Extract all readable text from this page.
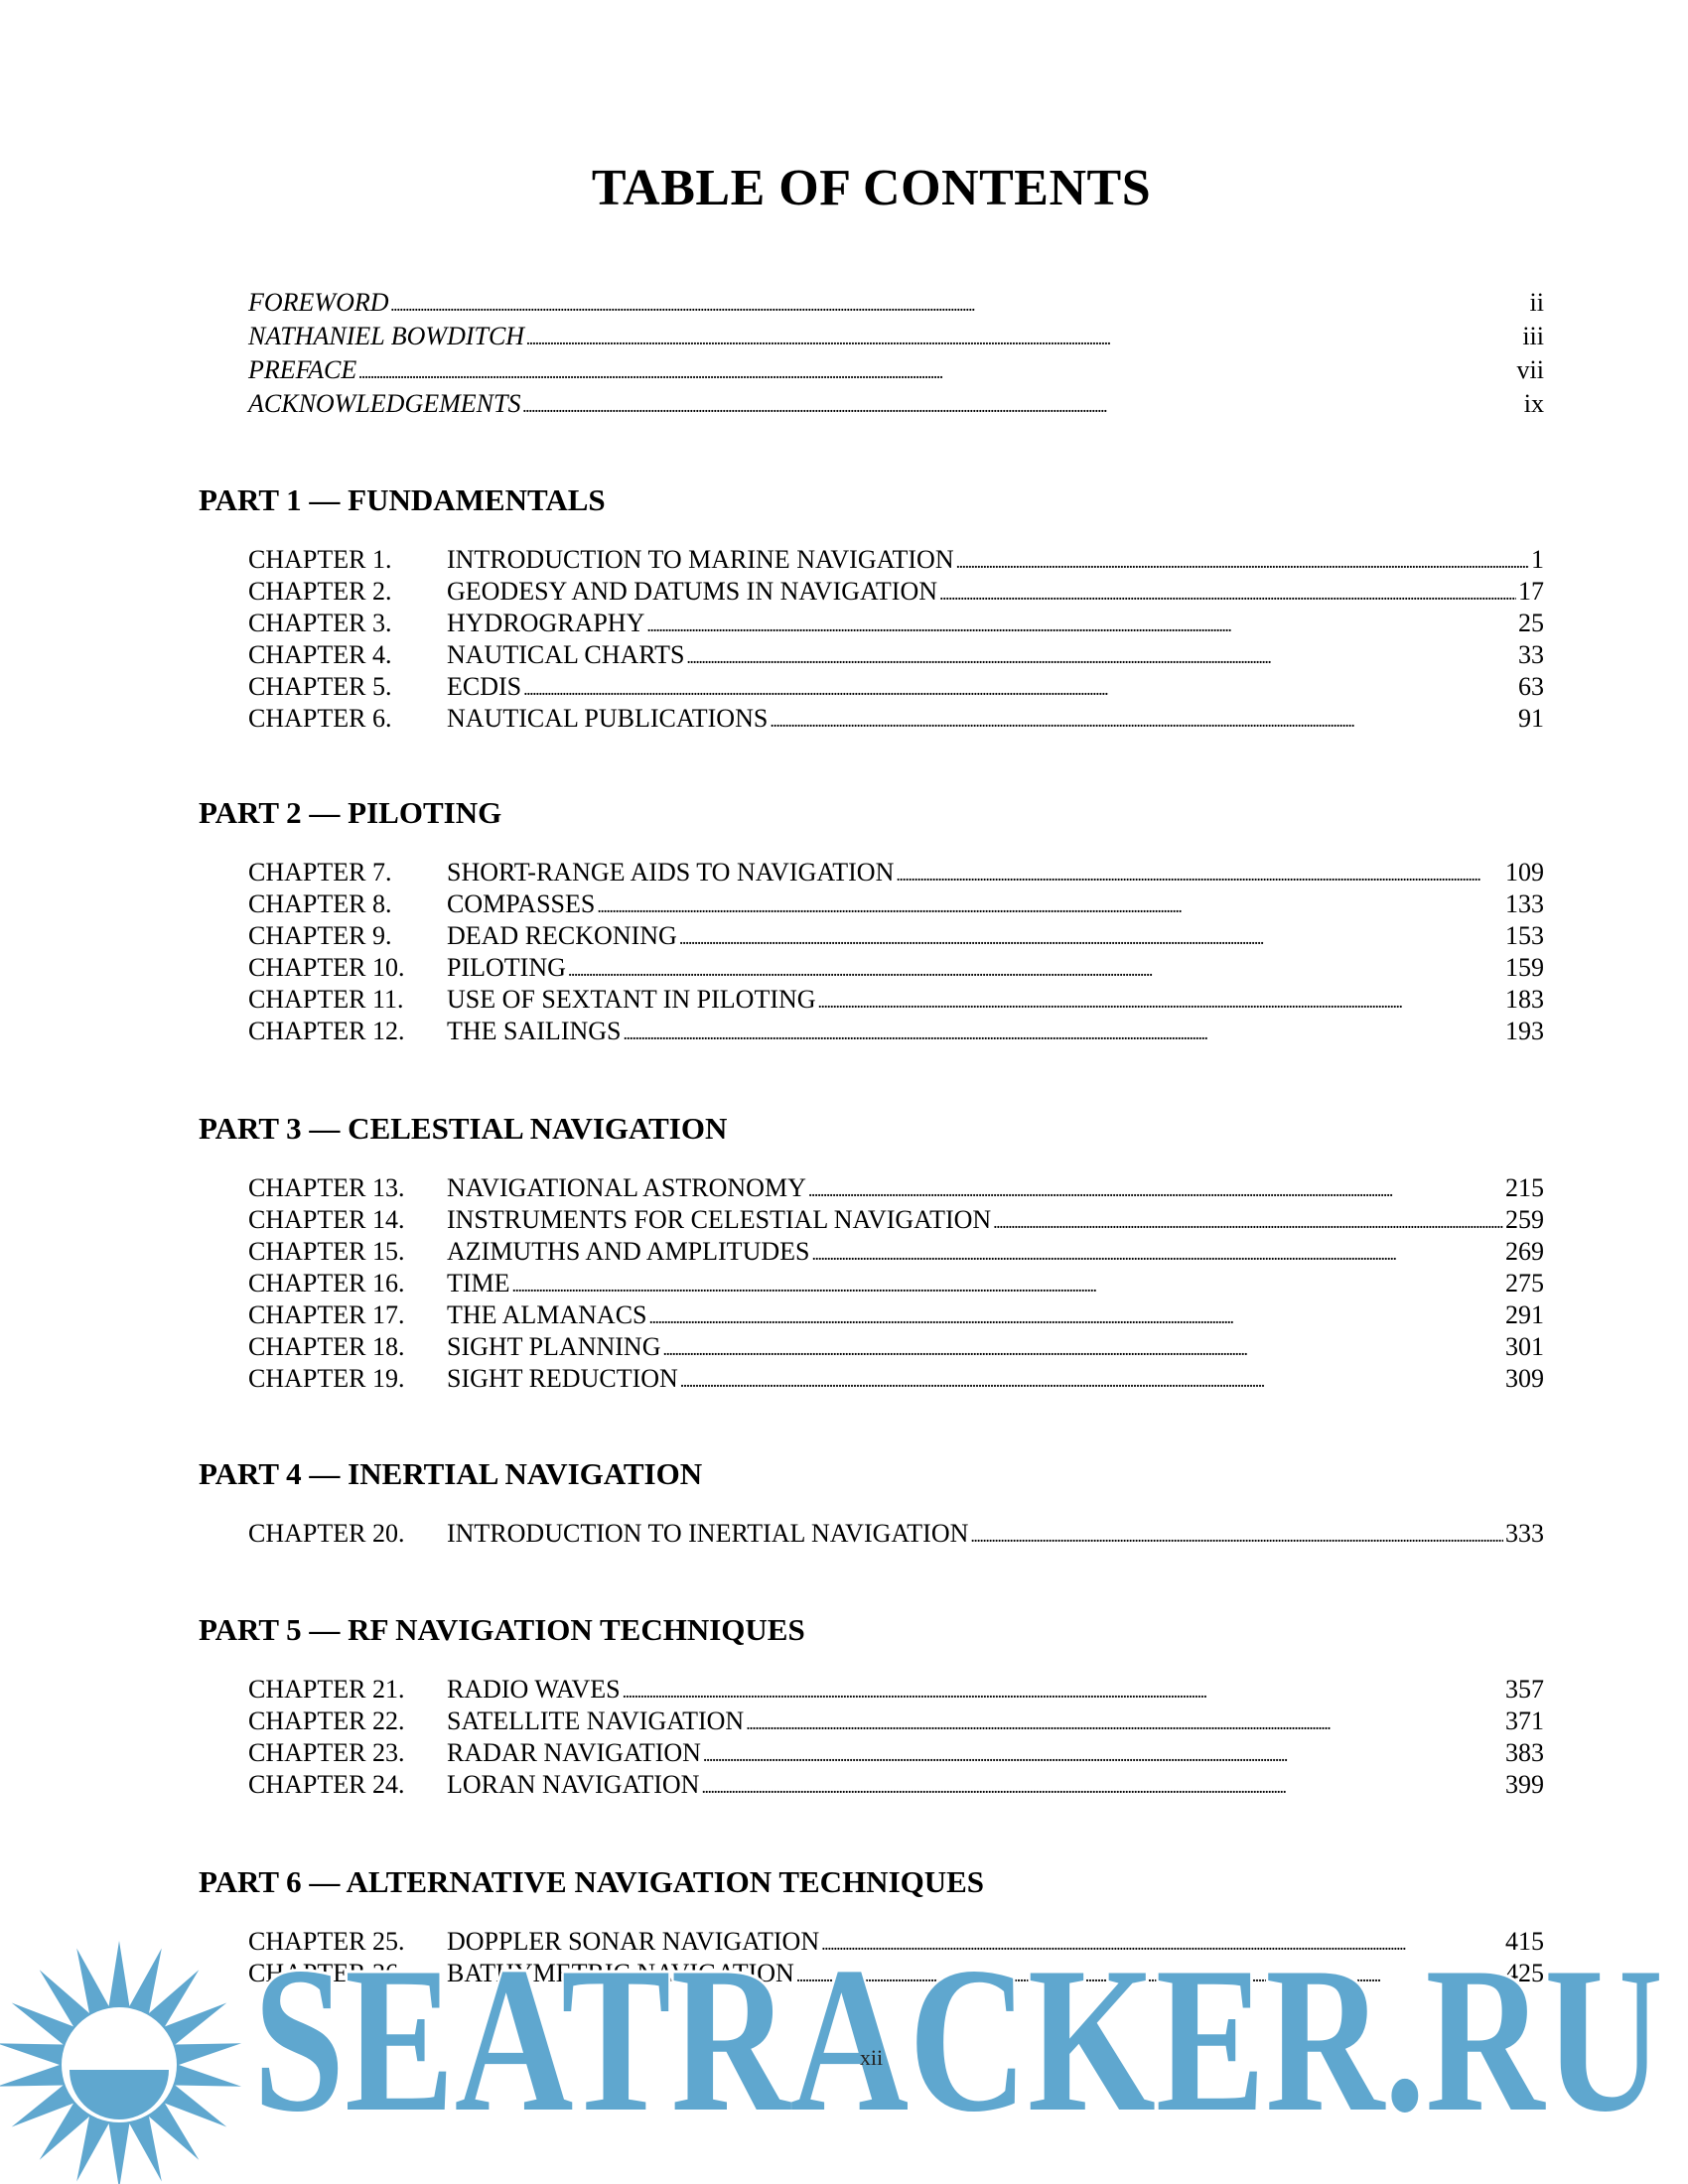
TABLE OF CONTENTS
FOREWORD . . .	ii
NATHANIEL BOWDITCH . . .	iii
PREFACE . . .	vii
ACKNOWLEDGEMENTS . . .	ix
PART 1 — FUNDAMENTALS
CHAPTER 1.	INTRODUCTION TO MARINE NAVIGATION . . .	1
CHAPTER 2.	GEODESY AND DATUMS IN NAVIGATION . . .	17
CHAPTER 3.	HYDROGRAPHY . . .	25
CHAPTER 4.	NAUTICAL CHARTS . . .	33
CHAPTER 5.	ECDIS . . .	63
CHAPTER 6.	NAUTICAL PUBLICATIONS . . .	91
PART 2 — PILOTING
CHAPTER 7.	SHORT-RANGE AIDS TO NAVIGATION . . .	109
CHAPTER 8.	COMPASSES . . .	133
CHAPTER 9.	DEAD RECKONING . . .	153
CHAPTER 10.	PILOTING . . .	159
CHAPTER 11.	USE OF SEXTANT IN PILOTING . . .	183
CHAPTER 12.	THE SAILINGS . . .	193
PART 3 — CELESTIAL NAVIGATION
CHAPTER 13.	NAVIGATIONAL ASTRONOMY . . .	215
CHAPTER 14.	INSTRUMENTS FOR CELESTIAL NAVIGATION . . .	259
CHAPTER 15.	AZIMUTHS AND AMPLITUDES . . .	269
CHAPTER 16.	TIME . . .	275
CHAPTER 17.	THE ALMANACS . . .	291
CHAPTER 18.	SIGHT PLANNING . . .	301
CHAPTER 19.	SIGHT REDUCTION . . .	309
PART 4 — INERTIAL NAVIGATION
CHAPTER 20.	INTRODUCTION TO INERTIAL NAVIGATION . . .	333
PART 5 — RF NAVIGATION TECHNIQUES
CHAPTER 21.	RADIO WAVES . . .	357
CHAPTER 22.	SATELLITE NAVIGATION . . .	371
CHAPTER 23.	RADAR NAVIGATION . . .	383
CHAPTER 24.	LORAN NAVIGATION . . .	399
PART 6 — ALTERNATIVE NAVIGATION TECHNIQUES
CHAPTER 25.	DOPPLER SONAR NAVIGATION . . .	415
CHAPTER 26.	BATHYMETRIC NAVIGATION . . .	425
SEATRACKER.RU
xii
